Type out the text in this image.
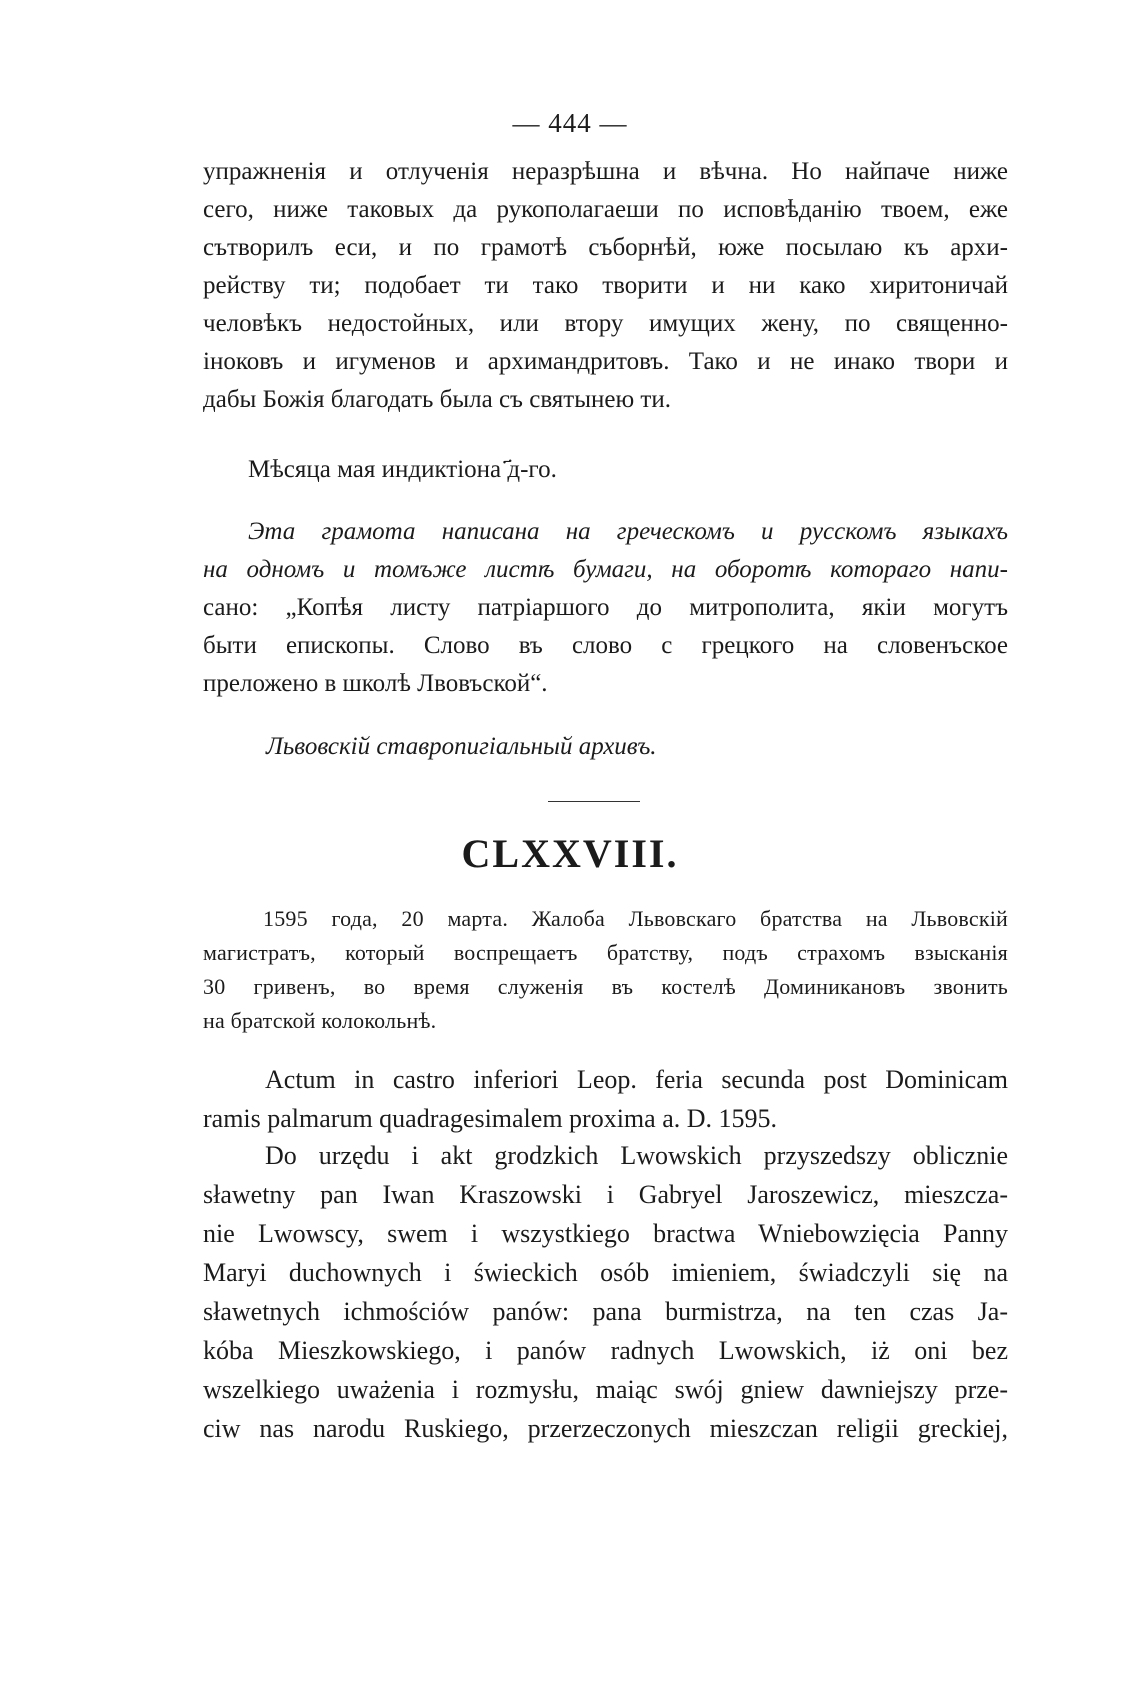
— 444 —
упражненія и отлученія неразрѣшна и вѣчна. Но найпаче ниже
сего, ниже таковых да рукополагаеши по исповѣданію твоем, еже
сътворилъ еси, и по грамотѣ съборнѣй, юже посылаю къ архи-
рейству ти; подобает ти тако творити и ни како хиритоничай
человѣкъ недостойных, или втору имущих жену, по священно-
іноковъ и игуменов и архимандритовъ. Тако и не инако твори и
дабы Божія благодать была съ святынею ти.
Мѣсяца мая индиктіона ҃д-го.
Эта грамота написана на греческомъ и русскомъ языкахъ
на одномъ и томъже листѣ бумаги, на оборотѣ котораго напи-
сано: „Копѣя листу патріаршого до митрополита, якіи могутъ
быти епископы. Слово въ слово с грецкого на словенъское
преложено в школѣ Лвовъской“.
Львовскій ставропигіальный архивъ.
CLXXVIII.
1595 года, 20 марта. Жалоба Львовскаго братства на Львовскій
магистратъ, который воспрещаетъ братству, подъ страхомъ взысканія
30 гривенъ, во время служенія въ костелѣ Доминикановъ звонить
на братской колокольнѣ.
Actum in castro inferiori Leop. feria secunda post Dominicam
ramis palmarum quadragesimalem proxima a. D. 1595.
Do urzędu i akt grodzkich Lwowskich przyszedszy oblicznie
sławetny pan Iwan Kraszowski i Gabryel Jaroszewicz, mieszcza-
nie Lwowscy, swem i wszystkiego bractwa Wniebowzięcia Panny
Maryi duchownych i świeckich osób imieniem, świadczyli się na
sławetnych ichmościów panów: pana burmistrza, na ten czas Ja-
kóba Mieszkowskiego, i panów radnych Lwowskich, iż oni bez
wszelkiego uważenia i rozmysłu, maiąc swój gniew dawniejszy prze-
ciw nas narodu Ruskiego, przerzeczonych mieszczan religii greckiej,
